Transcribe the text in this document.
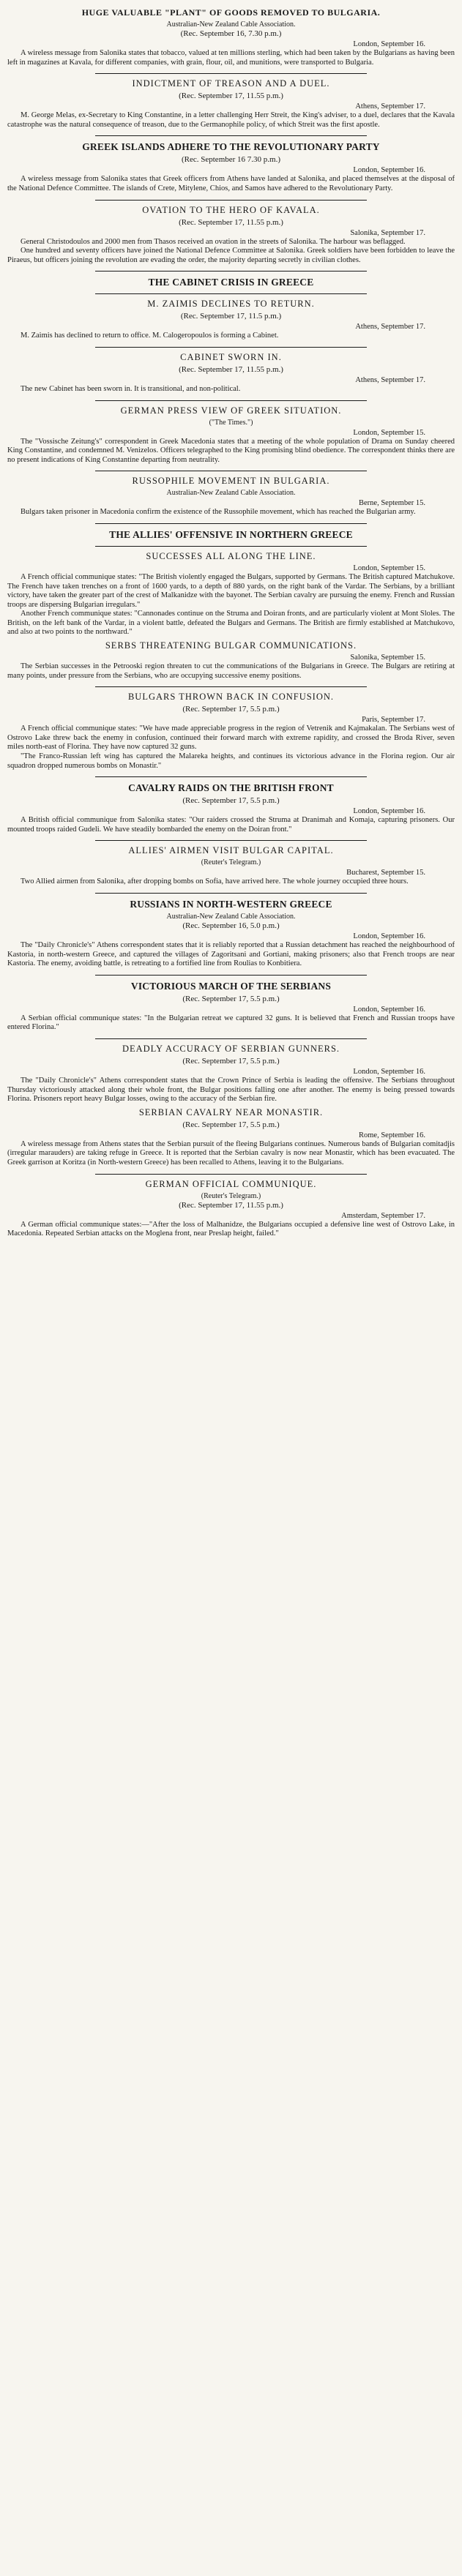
HUGE VALUABLE "PLANT" OF GOODS REMOVED TO BULGARIA.
Australian-New Zealand Cable Association.
(Rec. September 16, 7.30 p.m.)
London, September 16.

A wireless message from Salonika states that tobacco, valued at ten millions sterling, which had been taken by the Bulgarians as having been left in magazines at Kavala, for different companies, with grain, flour, oil, and munitions, were transported to Bulgaria.

INDICTMENT OF TREASON AND A DUEL.
(Rec. September 17, 11.55 p.m.)
Athens, September 17.

M. George Melas, ex-Secretary to King Constantine, in a letter challenging Herr Streit, the King's adviser, to a duel, declares that the Kavala catastrophe was the natural consequence of treason, due to the Germanophile policy, of which Streit was the first apostle.

GREEK ISLANDS ADHERE TO THE REVOLUTIONARY PARTY
(Rec. September 16 7.30 p.m.)
London, September 16.

A wireless message from Salonika states that Greek officers from Athens have landed at Salonika, and placed themselves at the disposal of the National Defence Committee. The islands of Crete, Mitylene, Chios, and Samos have adhered to the Revolutionary Party.

OVATION TO THE HERO OF KAVALA.
(Rec. September 17, 11.55 p.m.)
Salonika, September 17.

General Christodoulos and 2000 men from Thasos received an ovation in the streets of Salonika. The harbour was beflagged.

One hundred and seventy officers have joined the National Defence Committee at Salonika. Greek soldiers have been forbidden to leave the Piraeus, but officers joining the revolution are evading the order, the majority departing secretly in civilian clothes.

THE CABINET CRISIS IN GREECE
M. ZAIMIS DECLINES TO RETURN.
(Rec. September 17, 11.5 p.m.)
Athens, September 17.

M. Zaimis has declined to return to office. M. Calogeropoulos is forming a Cabinet.

CABINET SWORN IN.
(Rec. September 17, 11.55 p.m.)
Athens, September 17.

The new Cabinet has been sworn in. It is transitional, and non-political.

GERMAN PRESS VIEW OF GREEK SITUATION.
("The Times.")
London, September 15.

The "Vossische Zeitung's" correspondent in Greek Macedonia states that a meeting of the whole population of Drama on Sunday cheered King Constantine, and condemned M. Venizelos. Officers telegraphed to the King promising blind obedience. The correspondent thinks there are no present indications of King Constantine departing from neutrality.

RUSSOPHILE MOVEMENT IN BULGARIA.
Australian-New Zealand Cable Association.
Berne, September 15.

Bulgars taken prisoner in Macedonia confirm the existence of the Russophile movement, which has reached the Bulgarian army.

THE ALLIES' OFFENSIVE IN NORTHERN GREECE
SUCCESSES ALL ALONG THE LINE.
London, September 15.

A French official communique states: "The British violently engaged the Bulgars, supported by Germans. The British captured Matchukove. The French have taken trenches on a front of 1600 yards, to a depth of 880 yards, on the right bank of the Vardar. The Serbians, by a brilliant victory, have taken the greater part of the crest of Malkanidze with the bayonet. The Serbian cavalry are pursuing the enemy. French and Russian troops are dispersing Bulgarian irregulars."

Another French communique states: "Cannonades continue on the Struma and Doiran fronts, and are particularly violent at Mont Sloles. The British, on the left bank of the Vardar, in a violent battle, defeated the Bulgars and Germans. The British are firmly established at Matchukovo, and also at two points to the northward."

SERBS THREATENING BULGAR COMMUNICATIONS.
Salonika, September 15.

The Serbian successes in the Petrooski region threaten to cut the communications of the Bulgarians in Greece. The Bulgars are retiring at many points, under pressure from the Serbians, who are occupying successive enemy positions.

BULGARS THROWN BACK IN CONFUSION.
(Rec. September 17, 5.5 p.m.)
Paris, September 17.

A French official communique states: "We have made appreciable progress in the region of Vetrenik and Kajmakalan. The Serbians west of Ostrovo Lake threw back the enemy in confusion, continued their forward march with extreme rapidity, and crossed the Broda River, seven miles north-east of Florina. They have now captured 32 guns.

"The Franco-Russian left wing has captured the Malareka heights, and continues its victorious advance in the Florina region. Our air squadron dropped numerous bombs on Monastir."

CAVALRY RAIDS ON THE BRITISH FRONT
(Rec. September 17, 5.5 p.m.)
London, September 16.

A British official communique from Salonika states: "Our raiders crossed the Struma at Dranimah and Komaja, capturing prisoners. Our mounted troops raided Gudeli. We have steadily bombarded the enemy on the Doiran front."

ALLIES' AIRMEN VISIT BULGAR CAPITAL.
(Reuter's Telegram.)
Bucharest, September 15.

Two Allied airmen from Salonika, after dropping bombs on Sofia, have arrived here. The whole journey occupied three hours.

RUSSIANS IN NORTH-WESTERN GREECE
Australian-New Zealand Cable Association.
(Rec. September 16, 5.0 p.m.)
London, September 16.

The "Daily Chronicle's" Athens correspondent states that it is reliably reported that a Russian detachment has reached the neighbourhood of Kastoria, in north-western Greece, and captured the villages of Zagoritsani and Gortiani, making prisoners; also that French troops are near Kastoria. The enemy, avoiding battle, is retreating to a fortified line from Roulias to Konbitiera.

VICTORIOUS MARCH OF THE SERBIANS
(Rec. September 17, 5.5 p.m.)
London, September 16.

A Serbian official communique states: "In the Bulgarian retreat we captured 32 guns. It is believed that French and Russian troops have entered Florina."

DEADLY ACCURACY OF SERBIAN GUNNERS.
(Rec. September 17, 5.5 p.m.)
London, September 16.

The "Daily Chronicle's" Athens correspondent states that the Crown Prince of Serbia is leading the offensive. The Serbians throughout Thursday victoriously attacked along their whole front, the Bulgar positions falling one after another. The enemy is being pressed towards Florina. Prisoners report heavy Bulgar losses, owing to the accuracy of the Serbian fire.

SERBIAN CAVALRY NEAR MONASTIR.
(Rec. September 17, 5.5 p.m.)
Rome, September 16.

A wireless message from Athens states that the Serbian pursuit of the fleeing Bulgarians continues. Numerous bands of Bulgarian comitadjis (irregular marauders) are taking refuge in Greece. It is reported that the Serbian cavalry is now near Monastir, which has been evacuated. The Greek garrison at Koritza (in North-western Greece) has been recalled to Athens, leaving it to the Bulgarians.

GERMAN OFFICIAL COMMUNIQUE.
(Reuter's Telegram.)
(Rec. September 17, 11.55 p.m.)
Amsterdam, September 17.

A German official communique states:—"After the loss of Malhanidze, the Bulgarians occupied a defensive line west of Ostrovo Lake, in Macedonia. Repeated Serbian attacks on the Moglena front, near Preslap height, failed."
